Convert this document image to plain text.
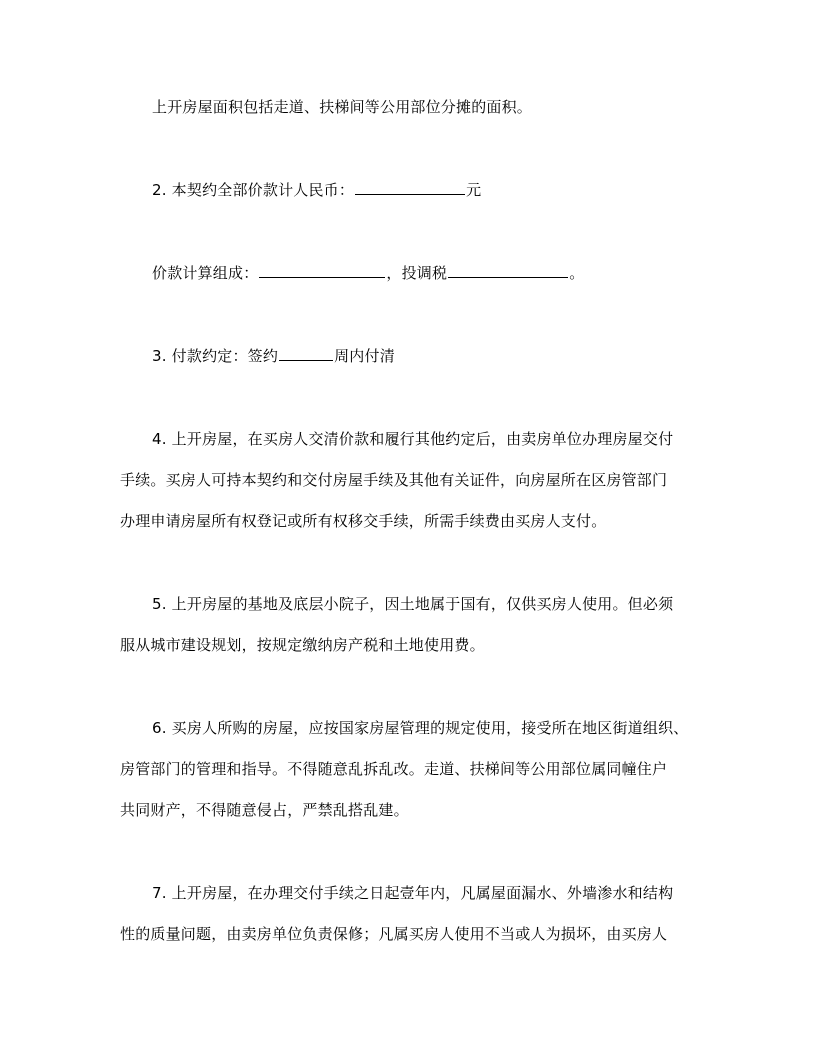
上开房屋面积包括走道、扶梯间等公用部位分摊的面积。
2. 本契约全部价款计人民币：	元
价款计算组成：	，投调税	。
3. 付款约定：签约	周内付清
4. 上开房屋，在买房人交清价款和履行其他约定后，由卖房单位办理房屋交付
手续。买房人可持本契约和交付房屋手续及其他有关证件，向房屋所在区房管部门
办理申请房屋所有权登记或所有权移交手续，所需手续费由买房人支付。
5. 上开房屋的基地及底层小院子，因土地属于国有，仅供买房人使用。但必须
服从城市建设规划，按规定缴纳房产税和土地使用费。
6. 买房人所购的房屋，应按国家房屋管理的规定使用，接受所在地区街道组织、
房管部门的管理和指导。不得随意乱拆乱改。走道、扶梯间等公用部位属同幢住户
共同财产，不得随意侵占，严禁乱搭乱建。
7. 上开房屋，在办理交付手续之日起壹年内，凡属屋面漏水、外墙渗水和结构
性的质量问题，由卖房单位负责保修；凡属买房人使用不当或人为损坏，由买房人
